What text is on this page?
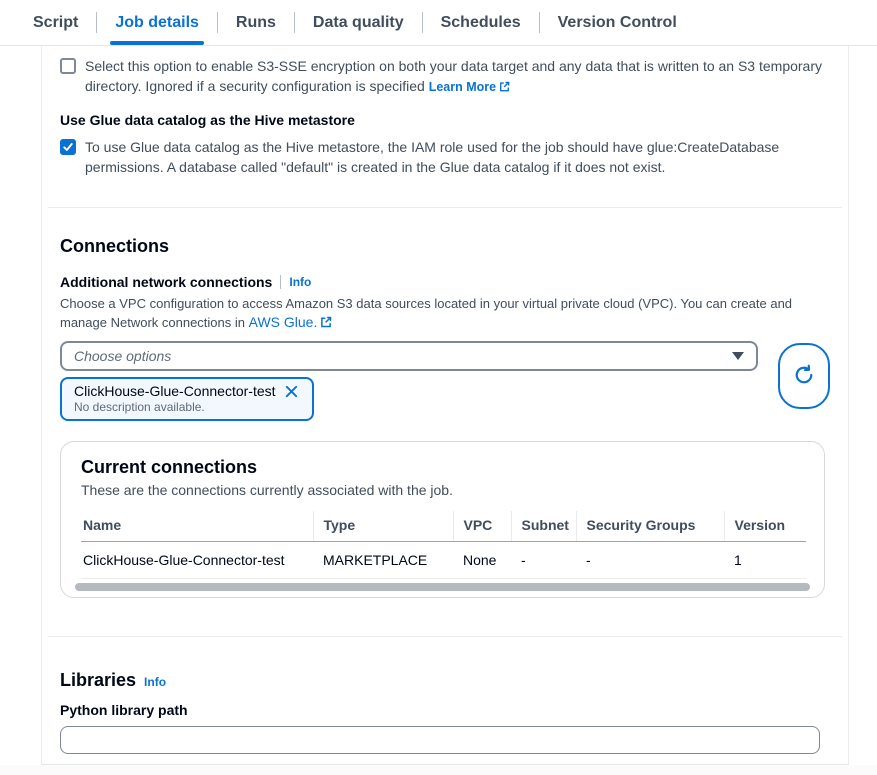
Script Job details Runs Data quality Schedules Version Control
Select this option to enable S3-SSE encryption on both your data target and any data that is written to an S3 temporary directory. Ignored if a security configuration is specified Learn More
Use Glue data catalog as the Hive metastore
To use Glue data catalog as the Hive metastore, the IAM role used for the job should have glue:CreateDatabase permissions. A database called "default" is created in the Glue data catalog if it does not exist.
Connections
Additional network connections Info
Choose a VPC configuration to access Amazon S3 data sources located in your virtual private cloud (VPC). You can create and manage Network connections in AWS Glue.
Choose options
ClickHouse-Glue-Connector-test
No description available.
Current connections
These are the connections currently associated with the job.
Name	Type	VPC	Subnet	Security Groups	Version
ClickHouse-Glue-Connector-test	MARKETPLACE	None	-	-	1
Libraries Info
Python library path
